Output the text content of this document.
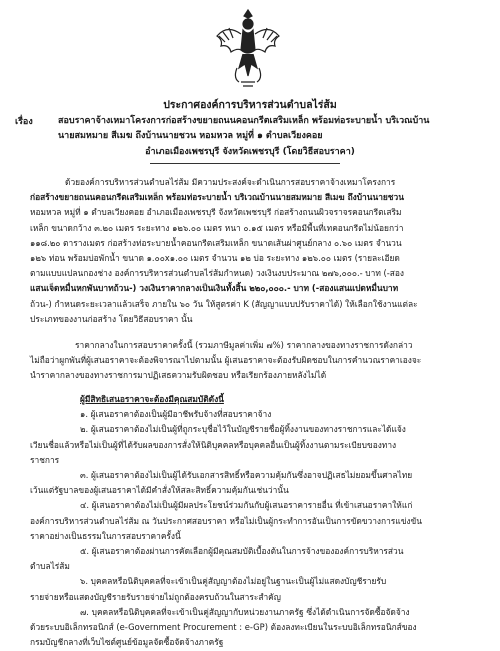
ประกาศองค์การบริหารส่วนตำบลไร่ส้ม
เรื่อง	สอบราคาจ้างเหมาโครงการก่อสร้างขยายถนนคอนกรีตเสริมเหล็ก พร้อมท่อระบายน้ำ บริเวณบ้าน
นายสมหมาย สีเมฆ ถึงบ้านนายชวน หอมหวล หมู่ที่ ๑ ตำบลเวียงคอย
อำเภอเมืองเพชรบุรี จังหวัดเพชรบุรี (โดยวิธีสอบราคา)
ด้วยองค์การบริหารส่วนตำบลไร่ส้ม มีความประสงค์จะดำเนินการสอบราคาจ้างเหมาโครงการ
ก่อสร้างขยายถนนคอนกรีตเสริมเหล็ก พร้อมท่อระบายน้ำ บริเวณบ้านนายสมหมาย สีเมฆ ถึงบ้านนายชวน
หอมหวล หมู่ที่ ๑ ตำบลเวียงคอย อำเภอเมืองเพชรบุรี จังหวัดเพชรบุรี ก่อสร้างถนนผิวจราจรคอนกรีตเสริม
เหล็ก ขนาดกว้าง ๓.๒๐ เมตร ระยะทาง ๑๒๖.๐๐ เมตร หนา ๐.๑๕ เมตร หรือมีพื้นที่เทคอนกรีตไม่น้อยกว่า
๑๑๘.๒๐ ตารางเมตร ก่อสร้างท่อระบายน้ำคอนกรีตเสริมเหล็ก ขนาดเส้นผ่าศูนย์กลาง ๐.๖๐ เมตร จำนวน
๑๒๖ ท่อน พร้อมบ่อพักน้ำ ขนาด ๑.๐๐x๑.๐๐ เมตร จำนวน ๑๒ บ่อ ระยะทาง ๑๒๖.๐๐ เมตร (รายละเอียด
ตามแบบแปลนกองช่าง องค์การบริหารส่วนตำบลไร่ส้มกำหนด) วงเงินงบประมาณ ๒๗๖,๐๐๐.- บาท (-สอง
แสนเจ็ดหมื่นหกพันบาทถ้วน-) วงเงินราคากลางเป็นเงินทั้งสิ้น ๒๒๐,๐๐๐.- บาท (-สองแสนแปดหมื่นบาท
ถ้วน-) กำหนดระยะเวลาแล้วเสร็จ ภายใน ๖๐ วัน ให้สูตรค่า K (สัญญาแบบปรับราคาได้) ให้เลือกใช้งานแต่ละ
ประเภทของงานก่อสร้าง โดยวิธีสอบราคา นั้น
ราคากลางในการสอบราคาครั้งนี้ (รวมภาษีมูลค่าเพิ่ม ๗%) ราคากลางของทางราชการดังกล่าว
ไม่ถือว่าผูกพันที่ผู้เสนอราคาจะต้องพิจารณาไปตามนั้น ผู้เสนอราคาจะต้องรับผิดชอบในการคำนวณราคาเองจะ
นำราคากลางของทางราชการมาปฏิเสธความรับผิดชอบ หรือเรียกร้องภายหลังไม่ได้
ผู้มีสิทธิเสนอราคาจะต้องมีคุณสมบัติดังนี้
๑. ผู้เสนอราคาต้องเป็นผู้มีอาชีพรับจ้างที่สอบราคาจ้าง
๒. ผู้เสนอราคาต้องไม่เป็นผู้ที่ถูกระบุชื่อไว้ในบัญชีรายชื่อผู้ทิ้งงานของทางราชการและได้แจ้ง
เวียนชื่อแล้วหรือไม่เป็นผู้ที่ได้รับผลของการสั่งให้นิติบุคคลหรือบุคคลอื่นเป็นผู้ทิ้งงานตามระเบียบของทาง
ราชการ
๓. ผู้เสนอราคาต้องไม่เป็นผู้ได้รับเอกสารสิทธิ์หรือความคุ้มกันซึ่งอาจปฏิเสธไม่ยอมขึ้นศาลไทย
เว้นแต่รัฐบาลของผู้เสนอราคาได้มีคำสั่งให้สละสิทธิ์ความคุ้มกันเช่นว่านั้น
๔. ผู้เสนอราคาต้องไม่เป็นผู้มีผลประโยชน์ร่วมกันกับผู้เสนอราคารายอื่น ที่เข้าเสนอราคาให้แก่
องค์การบริหารส่วนตำบลไร่ส้ม ณ วันประกาศสอบราคา หรือไม่เป็นผู้กระทำการอันเป็นการขัดขวางการแข่งขัน
ราคาอย่างเป็นธรรมในการสอบราคาครั้งนี้
๕. ผู้เสนอราคาต้องผ่านการคัดเลือกผู้มีคุณสมบัติเบื้องต้นในการจ้างขององค์การบริหารส่วน
ตำบลไร่ส้ม
๖. บุคคลหรือนิติบุคคลที่จะเข้าเป็นคู่สัญญาต้องไม่อยู่ในฐานะเป็นผู้ไม่แสดงบัญชีรายรับ
รายจ่ายหรือแสดงบัญชีรายรับรายจ่ายไม่ถูกต้องครบถ้วนในสาระสำคัญ
๗. บุคคลหรือนิติบุคคลที่จะเข้าเป็นคู่สัญญากับหน่วยงานภาครัฐ ซึ่งได้ดำเนินการจัดซื้อจัดจ้าง
ด้วยระบบอิเล็กทรอนิกส์ (e-Government Procurement : e-GP) ต้องลงทะเบียนในระบบอิเล็กทรอนิกส์ของ
กรมบัญชีกลางที่เว็บไซต์ศูนย์ข้อมูลจัดซื้อจัดจ้างภาครัฐ
